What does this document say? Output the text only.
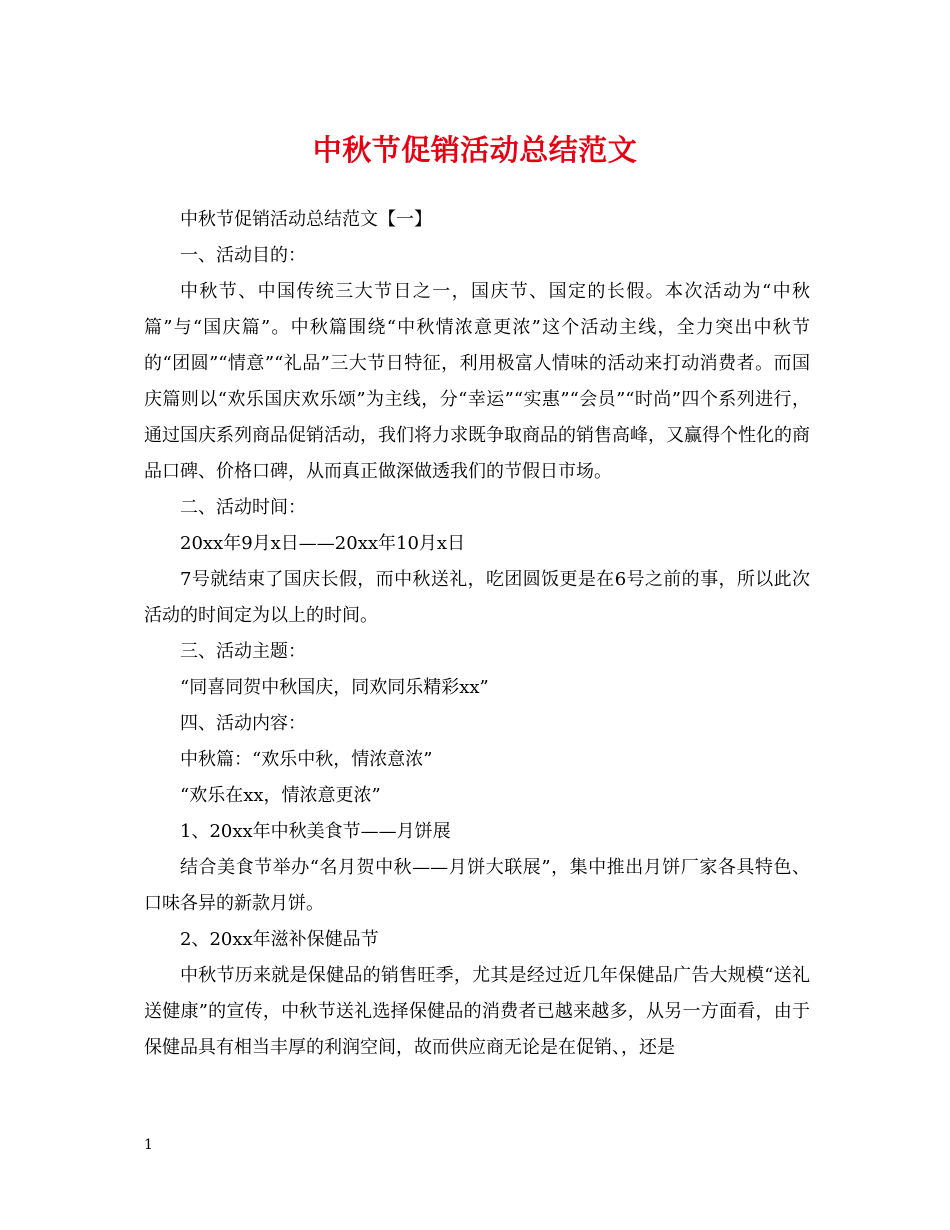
中秋节促销活动总结范文

中秋节促销活动总结范文【一】

一、活动目的：

中秋节、中国传统三大节日之一，国庆节、国定的长假。本次活动为“中秋篇”与“国庆篇”。中秋篇围绕“中秋情浓意更浓”这个活动主线，全力突出中秋节的“团圆”“情意”“礼品”三大节日特征，利用极富人情味的活动来打动消费者。而国庆篇则以“欢乐国庆欢乐颂”为主线，分“幸运”“实惠”“会员”“时尚”四个系列进行，通过国庆系列商品促销活动，我们将力求既争取商品的销售高峰，又赢得个性化的商品口碑、价格口碑，从而真正做深做透我们的节假日市场。

二、活动时间：

20xx年9月x日——20xx年10月x日

7号就结束了国庆长假，而中秋送礼，吃团圆饭更是在6号之前的事，所以此次活动的时间定为以上的时间。

三、活动主题：

“同喜同贺中秋国庆，同欢同乐精彩xx”

四、活动内容：

中秋篇：“欢乐中秋，情浓意浓”

“欢乐在xx，情浓意更浓”

1、20xx年中秋美食节——月饼展

结合美食节举办“名月贺中秋——月饼大联展”，集中推出月饼厂家各具特色、口味各异的新款月饼。

2、20xx年滋补保健品节

中秋节历来就是保健品的销售旺季，尤其是经过近几年保健品广告大规模“送礼送健康”的宣传，中秋节送礼选择保健品的消费者已越来越多，从另一方面看，由于保健品具有相当丰厚的利润空间，故而供应商无论是在促销、，还是

1
